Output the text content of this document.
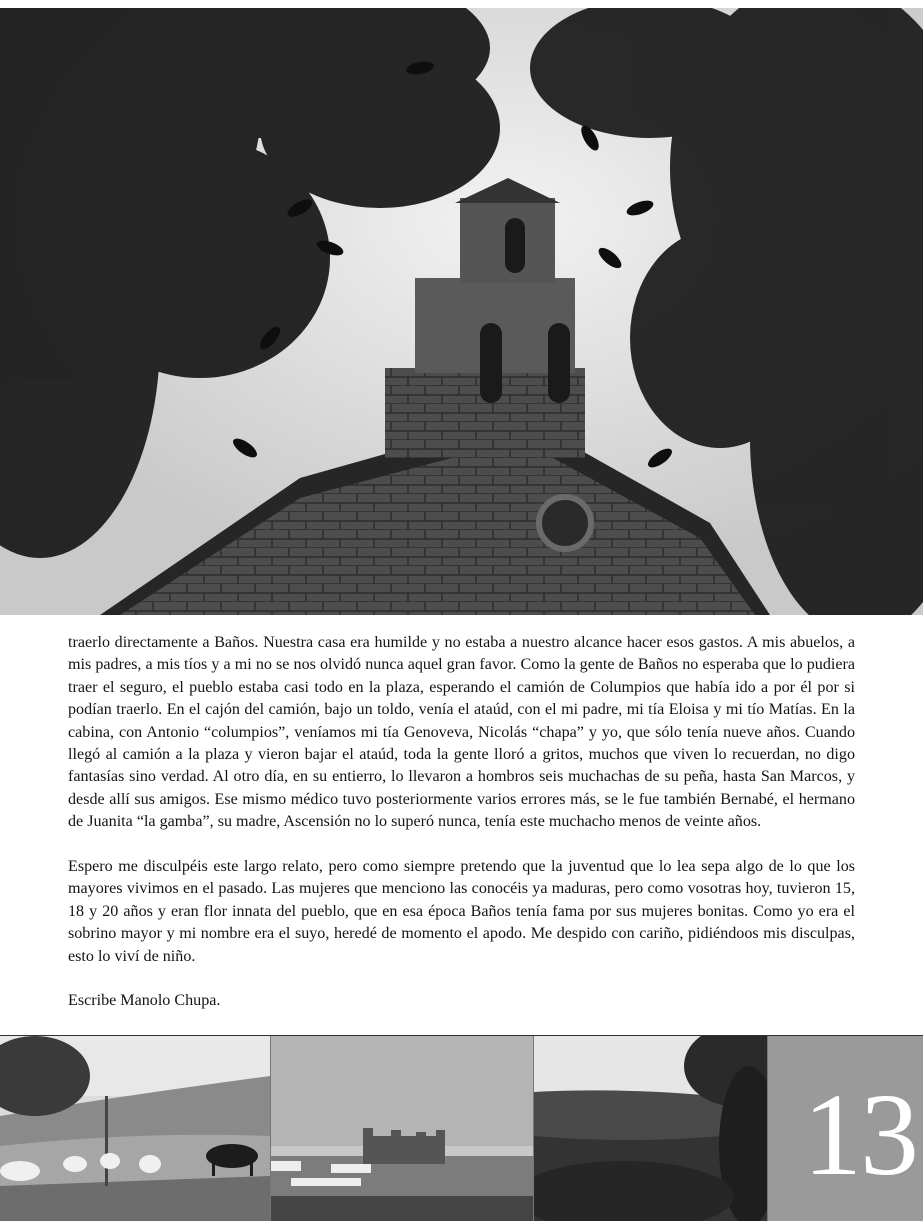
traerlo directamente a Baños. Nuestra casa era humilde y no estaba a nuestro alcance hacer esos gastos. A mis abuelos, a mis padres, a mis tíos y a mi no se nos olvidó nunca aquel gran favor. Como la gente de Baños no esperaba que lo pudiera traer el seguro, el pueblo estaba casi todo en la plaza, esperando el camión de Columpios que había ido a por él por si podían traerlo. En el cajón del camión, bajo un toldo, venía el ataúd, con el mi padre, mi tía Eloisa y mi tío Matías. En la cabina, con Antonio “columpios”, veníamos mi tía Genoveva, Nicolás “chapa” y yo, que sólo tenía nueve años. Cuando llegó al camión a la plaza y vieron bajar el ataúd, toda la gente lloró a gritos, muchos que viven lo recuerdan, no digo fantasías sino verdad. Al otro día, en su entierro, lo llevaron a hombros seis muchachas de su peña, hasta San Marcos, y desde allí sus amigos. Ese mismo médico tuvo posteriormente varios errores más, se le fue también Bernabé, el hermano de Juanita “la gamba”, su madre, Ascensión no lo superó nunca, tenía este muchacho menos de veinte años.

Espero me disculpéis este largo relato, pero como siempre pretendo que la juventud que lo lea sepa algo de lo que los mayores vivimos en el pasado. Las mujeres que menciono las conocéis ya maduras, pero como vosotras hoy, tuvieron 15, 18 y 20 años y eran flor innata del pueblo, que en esa época Baños tenía fama por sus mujeres bonitas. Como yo era el sobrino mayor y mi nombre era el suyo, heredé de momento el apodo. Me despido con cariño, pidiéndoos mis disculpas, esto lo viví de niño.

Escribe Manolo Chupa.

13
